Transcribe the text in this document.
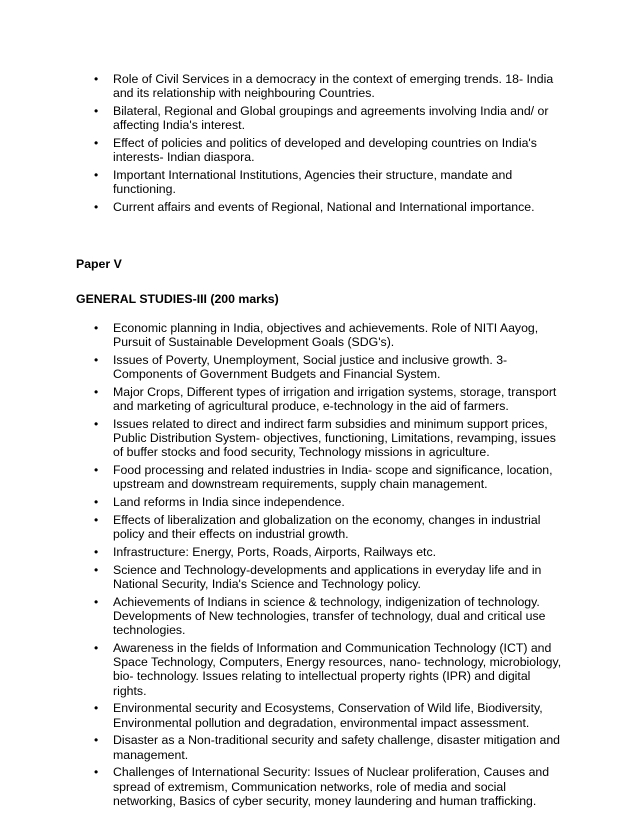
• Role of Civil Services in a democracy in the context of emerging trends. 18- India and its relationship with neighbouring Countries.
• Bilateral, Regional and Global groupings and agreements involving India and/ or affecting India's interest.
• Effect of policies and politics of developed and developing countries on India's interests- Indian diaspora.
• Important International Institutions, Agencies their structure, mandate and functioning.
• Current affairs and events of Regional, National and International importance.
Paper V
GENERAL STUDIES-III (200 marks)
• Economic planning in India, objectives and achievements. Role of NITI Aayog, Pursuit of Sustainable Development Goals (SDG's).
• Issues of Poverty, Unemployment, Social justice and inclusive growth. 3- Components of Government Budgets and Financial System.
• Major Crops, Different types of irrigation and irrigation systems, storage, transport and marketing of agricultural produce, e-technology in the aid of farmers.
• Issues related to direct and indirect farm subsidies and minimum support prices, Public Distribution System- objectives, functioning, Limitations, revamping, issues of buffer stocks and food security, Technology missions in agriculture.
• Food processing and related industries in India- scope and significance, location, upstream and downstream requirements, supply chain management.
• Land reforms in India since independence.
• Effects of liberalization and globalization on the economy, changes in industrial policy and their effects on industrial growth.
• Infrastructure: Energy, Ports, Roads, Airports, Railways etc.
• Science and Technology-developments and applications in everyday life and in National Security, India's Science and Technology policy.
• Achievements of Indians in science & technology, indigenization of technology. Developments of New technologies, transfer of technology, dual and critical use technologies.
• Awareness in the fields of Information and Communication Technology (ICT) and Space Technology, Computers, Energy resources, nano- technology, microbiology, bio- technology. Issues relating to intellectual property rights (IPR) and digital rights.
• Environmental security and Ecosystems, Conservation of Wild life, Biodiversity, Environmental pollution and degradation, environmental impact assessment.
• Disaster as a Non-traditional security and safety challenge, disaster mitigation and management.
• Challenges of International Security: Issues of Nuclear proliferation, Causes and spread of extremism, Communication networks, role of media and social networking, Basics of cyber security, money laundering and human trafficking.
